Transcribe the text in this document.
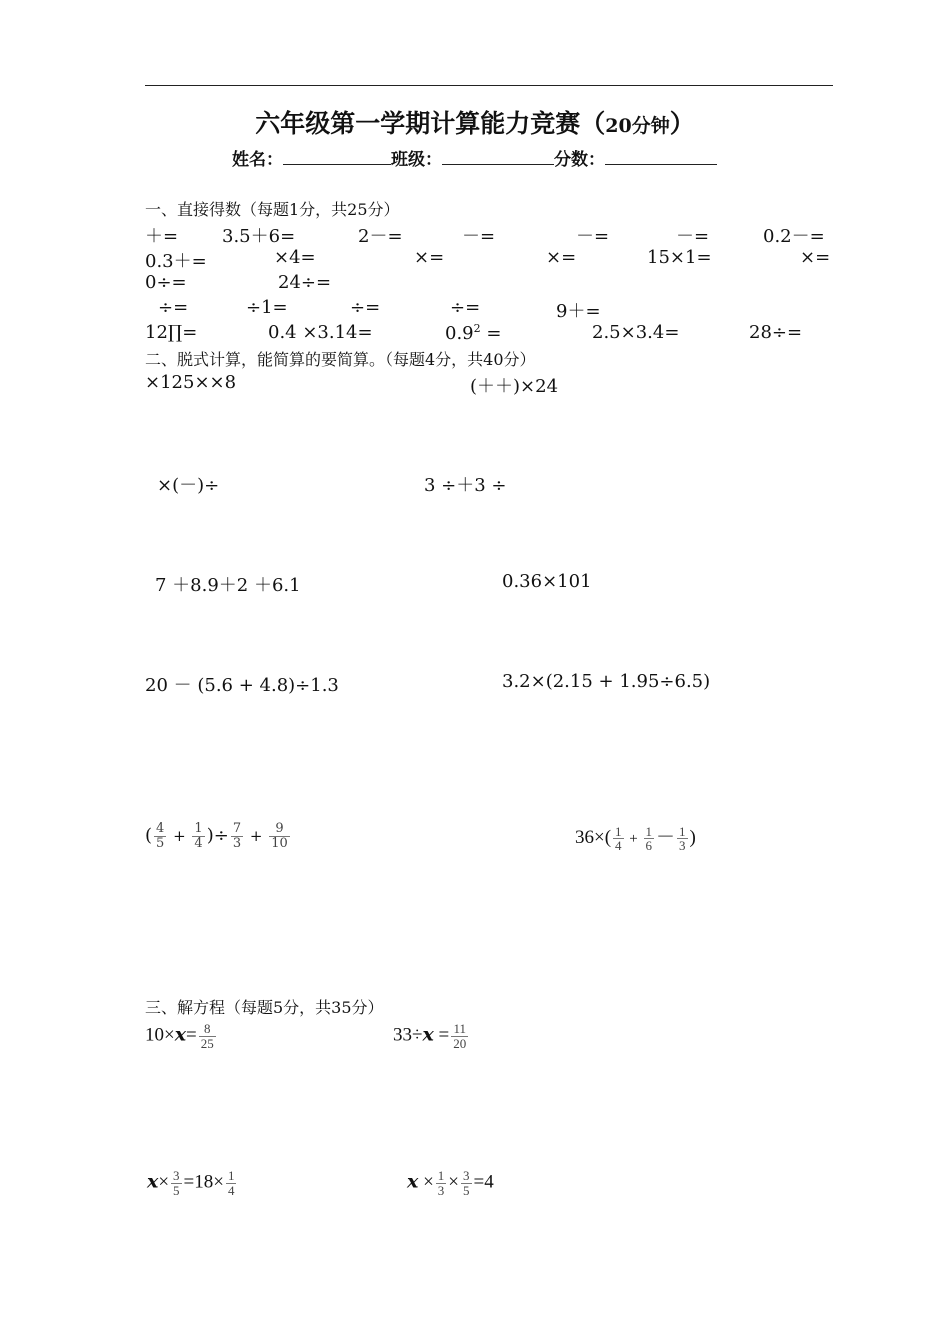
六年级第一学期计算能力竞赛（20分钟）
姓名：	班级：	分数：
一、直接得数（每题1分，共25分）
＋= 3.5＋6=	2－=	－=	－=	－=	0.2－=
0.3＋=	×4=	×=	×=	15×1=	×=
0÷=	24÷=
÷=	÷1=	÷=	÷=	9＋=
12∏=	0.4 ×3.14=	$0.9^2$ =	2.5×3.4=	28÷=
二、脱式计算，能简算的要简算。（每题4分，共40分）
×125××8	(＋＋)×24
×(－)÷	3 ÷＋3 ÷
7 ＋8.9＋2 ＋6.1	0.36×101
20 － (5.6 + 4.8)÷1.3	3.2×(2.15 + 1.95÷6.5)
( $\frac{4}{5} + \frac{1}{4}$ )÷ $\frac{7}{3} + \frac{9}{10}$	$36\times( \frac{1}{4} + \frac{1}{6} - \frac{1}{3}$ )
三、解方程（每题5分，共35分）
$10\times x= \frac{8}{25}$	$33\div x = \frac{11}{20}$
$x\times \frac{3}{5} =18\times \frac{1}{4}$	$x \times \frac{1}{3} \times \frac{3}{5} =4$
